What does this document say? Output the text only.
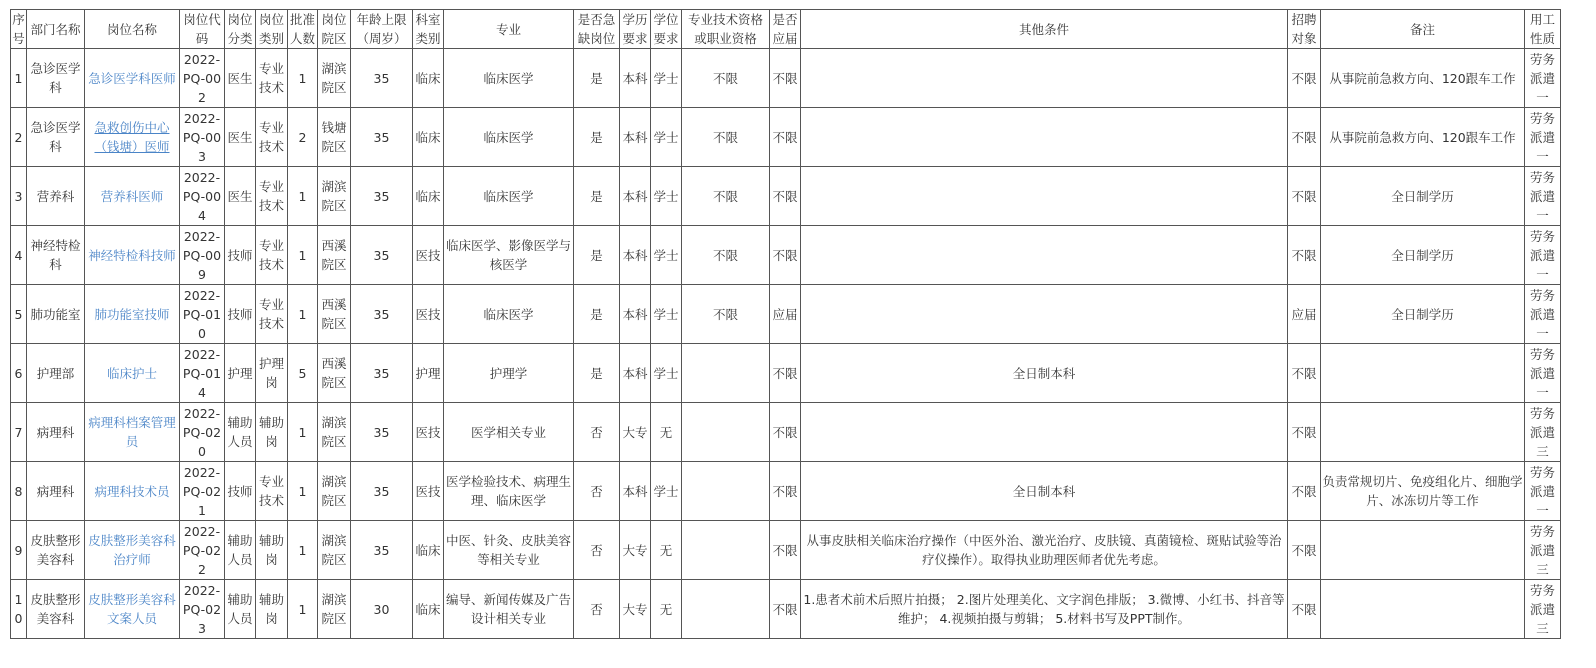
序号	部门名称	岗位名称	岗位代码	岗位分类	岗位类别	批准人数	岗位院区	年龄上限（周岁）	科室类别	专业	是否急缺岗位	学历要求	学位要求	专业技术资格或职业资格	是否应届	其他条件	招聘对象	备注	用工性质
1	急诊医学科	急诊医学科医师	2022-PQ-002	医生	专业技术	1	湖滨院区	35	临床	临床医学	是	本科	学士	不限	不限		不限	从事院前急救方向、120跟车工作	劳务派遣一
2	急诊医学科	急救创伤中心（钱塘）医师	2022-PQ-003	医生	专业技术	2	钱塘院区	35	临床	临床医学	是	本科	学士	不限	不限		不限	从事院前急救方向、120跟车工作	劳务派遣一
3	营养科	营养科医师	2022-PQ-004	医生	专业技术	1	湖滨院区	35	临床	临床医学	是	本科	学士	不限	不限		不限	全日制学历	劳务派遣一
4	神经特检科	神经特检科技师	2022-PQ-009	技师	专业技术	1	西溪院区	35	医技	临床医学、影像医学与核医学	是	本科	学士	不限	不限		不限	全日制学历	劳务派遣一
5	肺功能室	肺功能室技师	2022-PQ-010	技师	专业技术	1	西溪院区	35	医技	临床医学	是	本科	学士	不限	应届		应届	全日制学历	劳务派遣一
6	护理部	临床护士	2022-PQ-014	护理	护理岗	5	西溪院区	35	护理	护理学	是	本科	学士		不限	全日制本科	不限		劳务派遣一
7	病理科	病理科档案管理员	2022-PQ-020	辅助人员	辅助岗	1	湖滨院区	35	医技	医学相关专业	否	大专	无		不限		不限		劳务派遣三
8	病理科	病理科技术员	2022-PQ-021	技师	专业技术	1	湖滨院区	35	医技	医学检验技术、病理生理、临床医学	否	本科	学士		不限	全日制本科	不限	负责常规切片、免疫组化片、细胞学片、冰冻切片等工作	劳务派遣一
9	皮肤整形美容科	皮肤整形美容科治疗师	2022-PQ-022	辅助人员	辅助岗	1	湖滨院区	35	临床	中医、针灸、皮肤美容等相关专业	否	大专	无		不限	从事皮肤相关临床治疗操作（中医外治、激光治疗、皮肤镜、真菌镜检、斑贴试验等治疗仪操作）。取得执业助理医师者优先考虑。	不限		劳务派遣三
10	皮肤整形美容科	皮肤整形美容科文案人员	2022-PQ-023	辅助人员	辅助岗	1	湖滨院区	30	临床	编导、新闻传媒及广告设计相关专业	否	大专	无		不限	1.患者术前术后照片拍摄； 2.图片处理美化、文字润色排版； 3.微博、小红书、抖音等维护； 4.视频拍摄与剪辑； 5.材料书写及PPT制作。	不限		劳务派遣三
